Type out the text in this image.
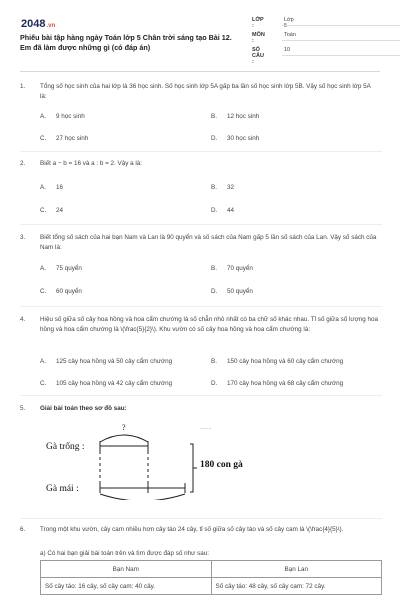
2048.vn
Phiếu bài tập hàng ngày Toán lớp 5 Chân trời sáng tạo Bài 12. Em đã làm được những gì (có đáp án)
LỚP :
Lớp 5
MÔN :
Toán
SỐ CÂU :
10
1. Tổng số học sinh của hai lớp là 36 học sinh. Số học sinh lớp 5A gấp ba lần số học sinh lớp 5B. Vậy số học sinh lớp 5A là:
A. 9 học sinh	B. 12 học sinh
C. 27 học sinh	D. 30 học sinh
2. Biết a − b = 16 và a : b = 2. Vậy a là:
A. 16	B. 32
C. 24	D. 44
3. Biết tổng số sách của hai bạn Nam và Lan là 90 quyển và số sách của Nam gấp 5 lần số sách của Lan. Vậy số sách của Nam là:
A. 75 quyển	B. 70 quyển
C. 60 quyển	D. 50 quyển
4. Hiệu số giữa số cây hoa hồng và hoa cẩm chướng là số chẵn nhỏ nhất có ba chữ số khác nhau. Tỉ số giữa số lượng hoa hồng và hoa cẩm chướng là \(\frac{5}{2}\). Khu vườn có số cây hoa hồng và hoa cẩm chướng là:
A. 125 cây hoa hồng và 50 cây cẩm chướng	B. 150 cây hoa hồng và 60 cây cẩm chướng
C. 105 cây hoa hồng và 42 cây cẩm chướng	D. 170 cây hoa hồng và 68 cây cẩm chướng
5. Giải bài toán theo sơ đồ sau:
.......
Gà trống :
Gà mái :
?
180 con gà
6. Trong một khu vườn, cây cam nhiều hơn cây táo 24 cây, tỉ số giữa số cây táo và số cây cam là \(\frac{4}{5}\).
a) Có hai bạn giải bài toán trên và tìm được đáp số như sau:
Bạn Nam	Bạn Lan
Số cây táo: 16 cây, số cây cam: 40 cây.	Số cây táo: 48 cây, số cây cam: 72 cây.
